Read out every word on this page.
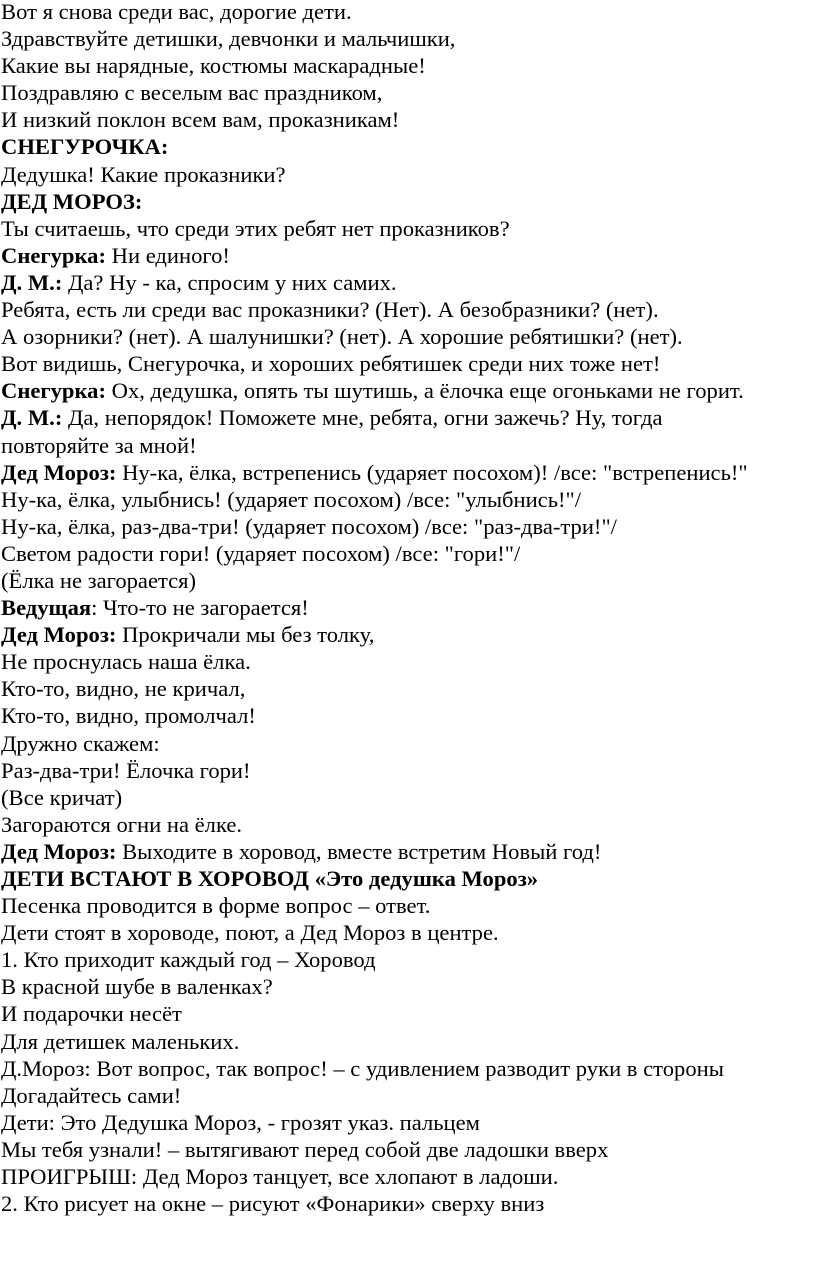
Вот я снова среди вас, дорогие дети.
Здравствуйте детишки, девчонки и мальчишки,
Какие вы нарядные, костюмы маскарадные!
Поздравляю с веселым вас праздником,
И низкий поклон всем вам, проказникам!
СНЕГУРОЧКА:
Дедушка! Какие проказники?
ДЕД МОРОЗ:
Ты считаешь, что среди этих ребят нет проказников?
Снегурка: Ни единого!
Д. М.: Да? Ну - ка, спросим у них самих.
Ребята, есть ли среди вас проказники? (Нет). А безобразники? (нет).
А озорники? (нет). А шалунишки? (нет). А хорошие ребятишки? (нет).
Вот видишь, Снегурочка, и хороших ребятишек среди них тоже нет!
Снегурка: Ох, дедушка, опять ты шутишь, а ёлочка еще огоньками не горит.
Д. М.: Да, непорядок! Поможете мне, ребята, огни зажечь? Ну, тогда
повторяйте за мной!
Дед Мороз: Ну-ка, ёлка, встрепенись (ударяет посохом)! /все: "встрепенись!"
Ну-ка, ёлка, улыбнись! (ударяет посохом) /все: "улыбнись!"/
Ну-ка, ёлка, раз-два-три! (ударяет посохом) /все: "раз-два-три!"/
Светом радости гори! (ударяет посохом) /все: "гори!"/
(Ёлка не загорается)
Ведущая: Что-то не загорается!
Дед Мороз: Прокричали мы без толку,
Не проснулась наша ёлка.
Кто-то, видно, не кричал,
Кто-то, видно, промолчал!
Дружно скажем:
Раз-два-три! Ёлочка гори!
(Все кричат)
Загораются огни на ёлке.
Дед Мороз: Выходите в хоровод, вместе встретим Новый год!
ДЕТИ ВСТАЮТ В ХОРОВОД «Это дедушка Мороз»
Песенка проводится в форме вопрос – ответ.
Дети стоят в хороводе, поют, а Дед Мороз в центре.
1. Кто приходит каждый год – Хоровод
В красной шубе в валенках?
И подарочки несёт
Для детишек маленьких.
Д.Мороз: Вот вопрос, так вопрос! – с удивлением разводит руки в стороны
Догадайтесь сами!
Дети: Это Дедушка Мороз, - грозят указ. пальцем
Мы тебя узнали! – вытягивают перед собой две ладошки вверх
ПРОИГРЫШ: Дед Мороз танцует, все хлопают в ладоши.
2. Кто рисует на окне – рисуют «Фонарики» сверху вниз
